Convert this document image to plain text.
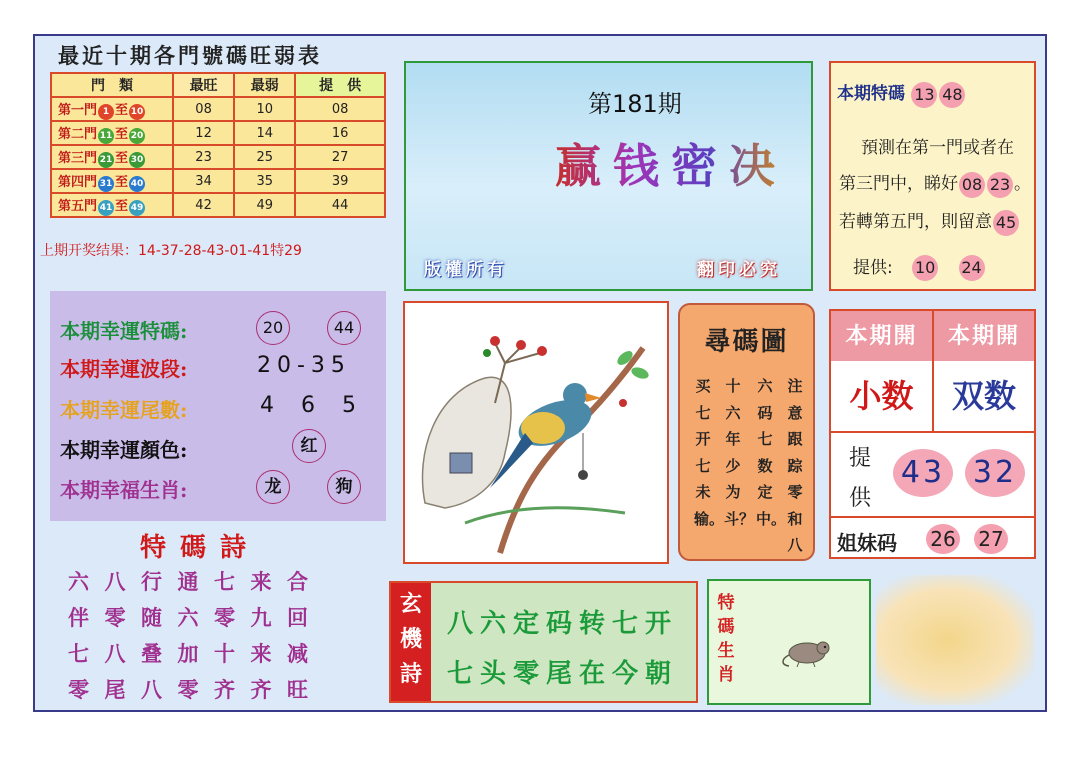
最近十期各門號碼旺弱表
門　類	最旺	最弱	提　供
第一門 1 至 10	08	10	08
第二門 11 至 20	12	14	16
第三門 21 至 30	23	25	27
第四門 31 至 40	34	35	39
第五門 41 至 49	42	49	44
上期开奖结果：14-37-28-43-01-41特29
第181期
赢钱密决
版權所有	翻印必究
本期特碼 13 48
預測在第一門或者在
第三門中，睇好 08 23 。
若轉第五門，則留意 45
提供: 10 24
本期幸運特碼:	20	44
本期幸運波段:	20-35
本期幸運尾數:	4 6 5
本期幸運顏色:	红
本期幸福生肖:	龙	狗
尋碼圖
买七开七未输。
十六年少为斗？
六码七数定中。
注意跟踪零和八
本期開	本期開
小数	双数
提供
43 32
姐妹码 26 27
特碼詩
六八行通七来合
伴零随六零九回
七八叠加十来减
零尾八零齐齐旺
玄機詩
八六定码转七开
七头零尾在今朝
特碼生肖
